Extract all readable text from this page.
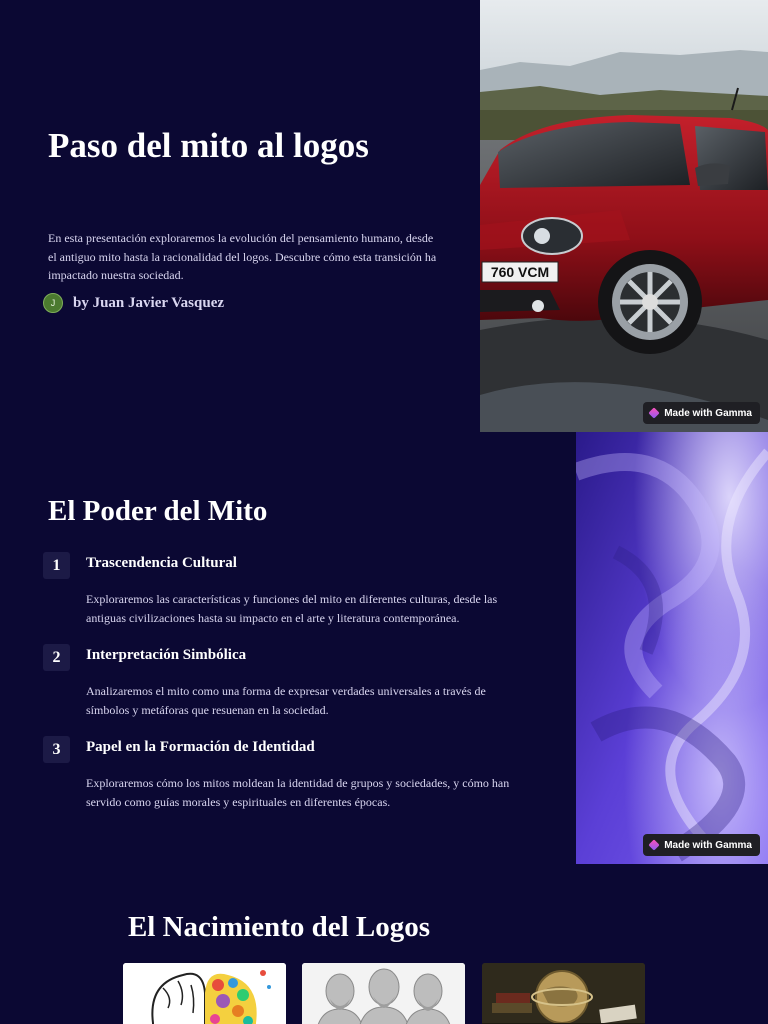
Paso del mito al logos

En esta presentación exploraremos la evolución del pensamiento humano, desde el antiguo mito hasta la racionalidad del logos. Descubre cómo esta transición ha impactado nuestra sociedad.

J	by Juan Javier Vasquez
760 VCM
Made with Gamma
El Poder del Mito
1	Trascendencia Cultural

Exploraremos las características y funciones del mito en diferentes culturas, desde las antiguas civilizaciones hasta su impacto en el arte y literatura contemporánea.

2	Interpretación Simbólica

Analizaremos el mito como una forma de expresar verdades universales a través de símbolos y metáforas que resuenan en la sociedad.

3	Papel en la Formación de Identidad

Exploraremos cómo los mitos moldean la identidad de grupos y sociedades, y cómo han servido como guías morales y espirituales en diferentes épocas.

Made with Gamma
El Nacimiento del Logos
